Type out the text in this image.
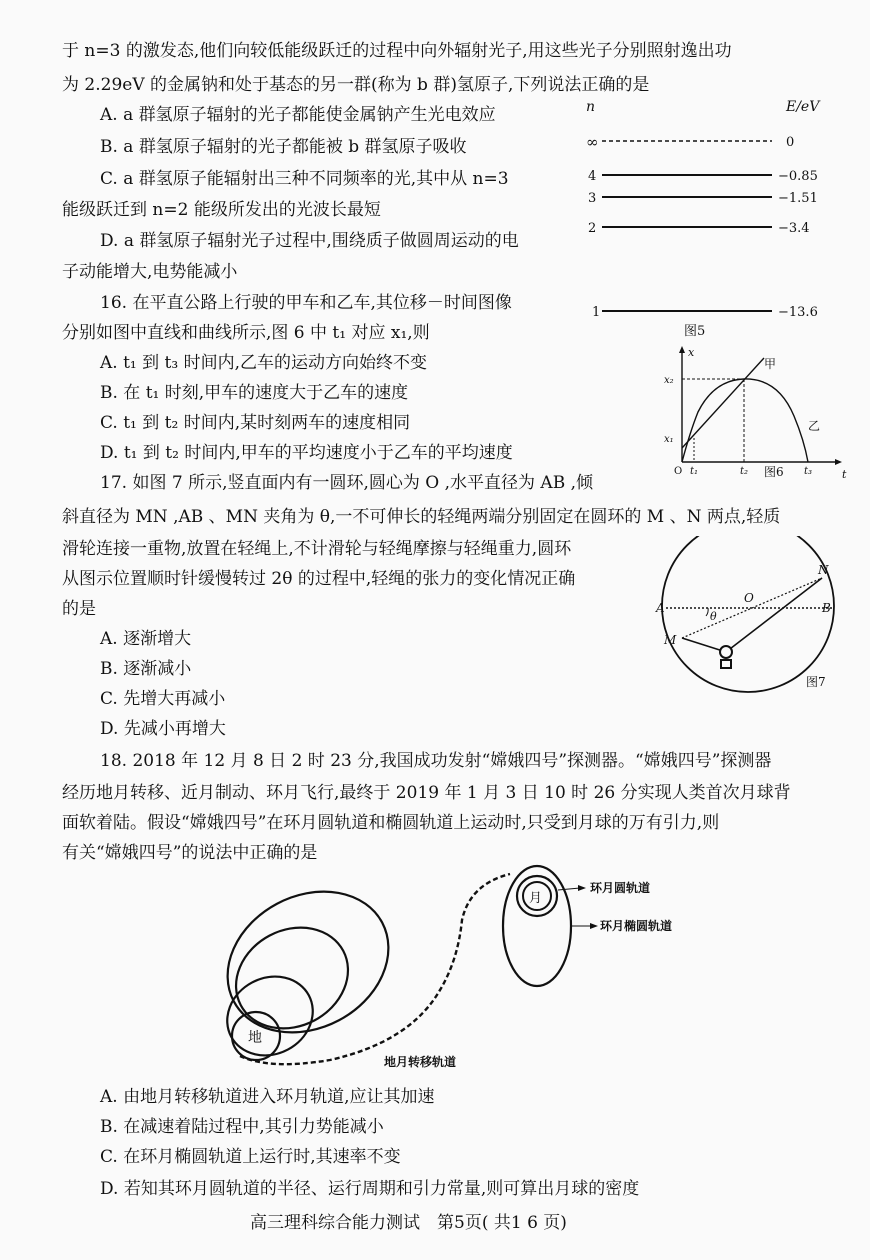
于 n=3 的激发态,他们向较低能级跃迁的过程中向外辐射光子,用这些光子分别照射逸出功
为 2.29eV 的金属钠和处于基态的另一群(称为 b 群)氢原子,下列说法正确的是
A. a 群氢原子辐射的光子都能使金属钠产生光电效应
B. a 群氢原子辐射的光子都能被 b 群氢原子吸收
C. a 群氢原子能辐射出三种不同频率的光,其中从 n=3
能级跃迁到 n=2 能级所发出的光波长最短
D. a 群氢原子辐射光子过程中,围绕质子做圆周运动的电
子动能增大,电势能减小
n	E/eV
∞	0
4	−0.85
3	−1.51
2	−3.4
1	−13.6
图5
16. 在平直公路上行驶的甲车和乙车,其位移－时间图像
分别如图中直线和曲线所示,图 6 中 t₁ 对应 x₁,则
A. t₁ 到 t₃ 时间内,乙车的运动方向始终不变
B. 在 t₁ 时刻,甲车的速度大于乙车的速度
C. t₁ 到 t₂ 时间内,某时刻两车的速度相同
D. t₁ 到 t₂ 时间内,甲车的平均速度小于乙车的平均速度
x
t
O
甲
乙
x₂
x₁
t₁	t₂	t₃
图6
17. 如图 7 所示,竖直面内有一圆环,圆心为 O ,水平直径为 AB ,倾
斜直径为 MN ,AB 、MN 夹角为 θ,一不可伸长的轻绳两端分别固定在圆环的 M 、N 两点,轻质
滑轮连接一重物,放置在轻绳上,不计滑轮与轻绳摩擦与轻绳重力,圆环
从图示位置顺时针缓慢转过 2θ 的过程中,轻绳的张力的变化情况正确
的是
A. 逐渐增大
B. 逐渐减小
C. 先增大再减小
D. 先减小再增大
A	B
O
M
N
θ
图7
18. 2018 年 12 月 8 日 2 时 23 分,我国成功发射“嫦娥四号”探测器。“嫦娥四号”探测器
经历地月转移、近月制动、环月飞行,最终于 2019 年 1 月 3 日 10 时 26 分实现人类首次月球背
面软着陆。假设“嫦娥四号”在环月圆轨道和椭圆轨道上运动时,只受到月球的万有引力,则
有关“嫦娥四号”的说法中正确的是
地
月
环月圆轨道
环月椭圆轨道
地月转移轨道
A. 由地月转移轨道进入环月轨道,应让其加速
B. 在减速着陆过程中,其引力势能减小
C. 在环月椭圆轨道上运行时,其速率不变
D. 若知其环月圆轨道的半径、运行周期和引力常量,则可算出月球的密度
高三理科综合能力测试　第5页( 共1 6 页)
